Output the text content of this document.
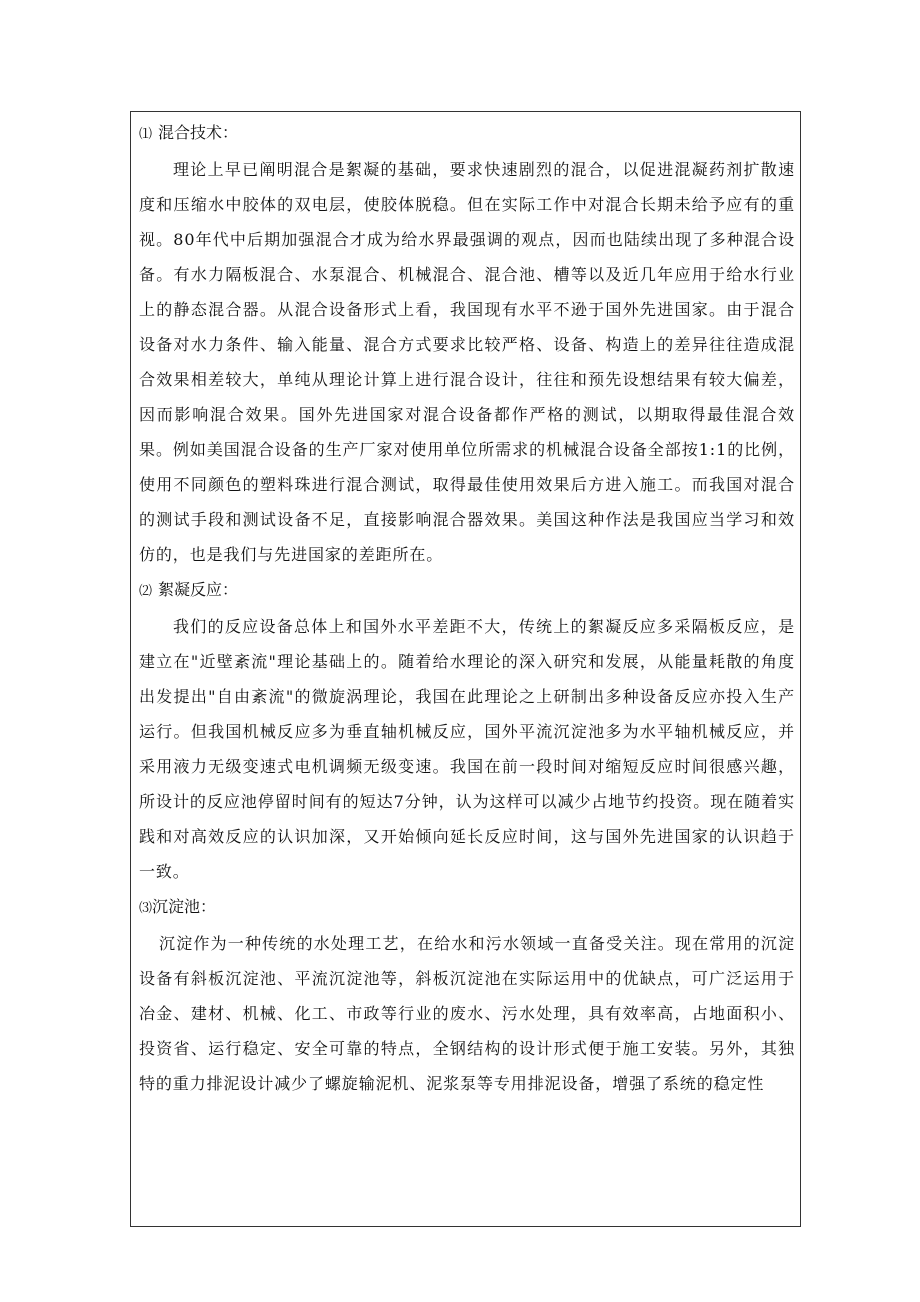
⑴ 混合技术：

理论上早已阐明混合是絮凝的基础，要求快速剧烈的混合，以促进混凝药剂扩散速度和压缩水中胶体的双电层，使胶体脱稳。但在实际工作中对混合长期未给予应有的重视。80年代中后期加强混合才成为给水界最强调的观点，因而也陆续出现了多种混合设备。有水力隔板混合、水泵混合、机械混合、混合池、槽等以及近几年应用于给水行业上的静态混合器。从混合设备形式上看，我国现有水平不逊于国外先进国家。由于混合设备对水力条件、输入能量、混合方式要求比较严格、设备、构造上的差异往往造成混合效果相差较大，单纯从理论计算上进行混合设计，往往和预先设想结果有较大偏差，因而影响混合效果。国外先进国家对混合设备都作严格的测试，以期取得最佳混合效果。例如美国混合设备的生产厂家对使用单位所需求的机械混合设备全部按1:1的比例，使用不同颜色的塑料珠进行混合测试，取得最佳使用效果后方进入施工。而我国对混合的测试手段和测试设备不足，直接影响混合器效果。美国这种作法是我国应当学习和效仿的，也是我们与先进国家的差距所在。

⑵ 絮凝反应：

我们的反应设备总体上和国外水平差距不大，传统上的絮凝反应多采隔板反应，是建立在"近壁紊流"理论基础上的。随着给水理论的深入研究和发展，从能量耗散的角度出发提出"自由紊流"的微旋涡理论，我国在此理论之上研制出多种设备反应亦投入生产运行。但我国机械反应多为垂直轴机械反应，国外平流沉淀池多为水平轴机械反应，并采用液力无级变速式电机调频无级变速。我国在前一段时间对缩短反应时间很感兴趣，所设计的反应池停留时间有的短达7分钟，认为这样可以减少占地节约投资。现在随着实践和对高效反应的认识加深，又开始倾向延长反应时间，这与国外先进国家的认识趋于一致。

⑶沉淀池：

沉淀作为一种传统的水处理工艺，在给水和污水领域一直备受关注。现在常用的沉淀设备有斜板沉淀池、平流沉淀池等，斜板沉淀池在实际运用中的优缺点，可广泛运用于冶金、建材、机械、化工、市政等行业的废水、污水处理，具有效率高，占地面积小、投资省、运行稳定、安全可靠的特点，全钢结构的设计形式便于施工安装。另外，其独特的重力排泥设计减少了螺旋输泥机、泥浆泵等专用排泥设备，增强了系统的稳定性
